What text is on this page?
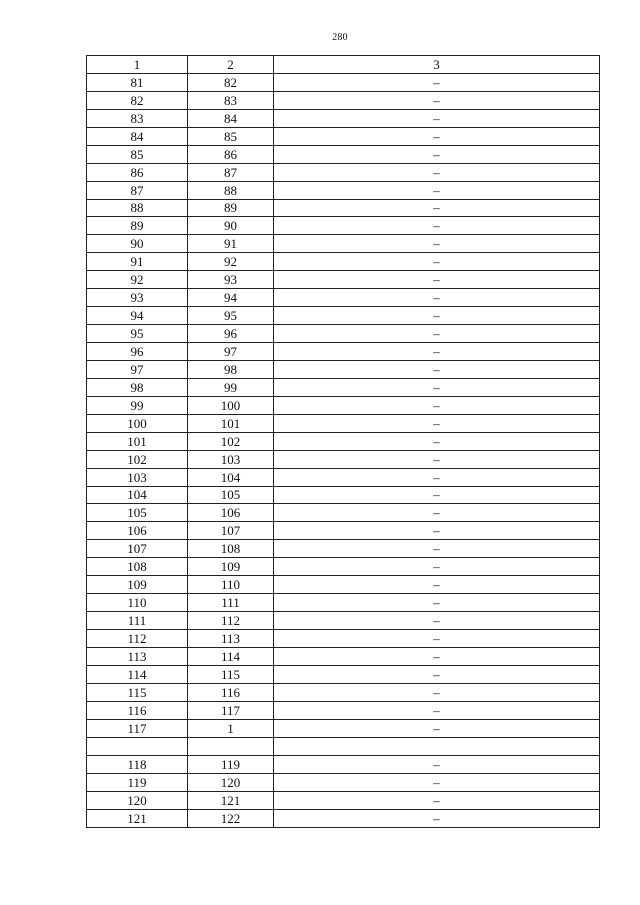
280
1	2	3
81	82	–
82	83	–
83	84	–
84	85	–
85	86	–
86	87	–
87	88	–
88	89	–
89	90	–
90	91	–
91	92	–
92	93	–
93	94	–
94	95	–
95	96	–
96	97	–
97	98	–
98	99	–
99	100	–
100	101	–
101	102	–
102	103	–
103	104	–
104	105	–
105	106	–
106	107	–
107	108	–
108	109	–
109	110	–
110	111	–
111	112	–
112	113	–
113	114	–
114	115	–
115	116	–
116	117	–
117	1	–

118	119	–
119	120	–
120	121	–
121	122	–
